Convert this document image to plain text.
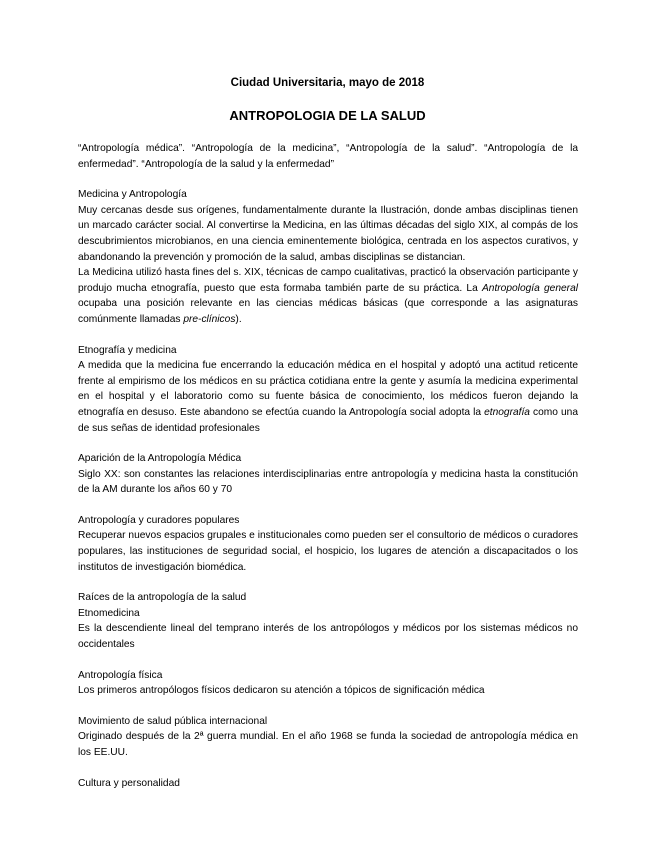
Ciudad Universitaria, mayo de 2018
ANTROPOLOGIA DE LA SALUD

“Antropología médica”. “Antropología de la medicina”, “Antropología de la salud”. “Antropología de la enfermedad”. “Antropología de la salud y la enfermedad”

Medicina y Antropología

Muy cercanas desde sus orígenes, fundamentalmente durante la Ilustración, donde ambas disciplinas tienen un marcado carácter social. Al convertirse la Medicina, en las últimas décadas del siglo XIX, al compás de los descubrimientos microbianos, en una ciencia eminentemente biológica, centrada en los aspectos curativos, y abandonando la prevención y promoción de la salud, ambas disciplinas se distancian.

La Medicina utilizó hasta fines del s. XIX, técnicas de campo cualitativas, practicó la observación participante y produjo mucha etnografía, puesto que esta formaba también parte de su práctica. La Antropología general ocupaba una posición relevante en las ciencias médicas básicas (que corresponde a las asignaturas comúnmente llamadas pre-clínicos).

Etnografía y medicina

A medida que la medicina fue encerrando la educación médica en el hospital y adoptó una actitud reticente frente al empirismo de los médicos en su práctica cotidiana entre la gente y asumía la medicina experimental en el hospital y el laboratorio como su fuente básica de conocimiento, los médicos fueron dejando la etnografía en desuso. Este abandono se efectúa cuando la Antropología social adopta la etnografía como una de sus señas de identidad profesionales

Aparición de la Antropología Médica

Siglo XX: son constantes las relaciones interdisciplinarias entre antropología y medicina hasta la constitución de la AM durante los años 60 y 70

Antropología y curadores populares

Recuperar nuevos espacios grupales e institucionales como pueden ser el consultorio de médicos o curadores populares, las instituciones de seguridad social, el hospicio, los lugares de atención a discapacitados o los institutos de investigación biomédica.

Raíces de la antropología de la salud

Etnomedicina

Es la descendiente lineal del temprano interés de los antropólogos y médicos por los sistemas médicos no occidentales

Antropología física

Los primeros antropólogos físicos dedicaron su atención a tópicos de significación médica

Movimiento de salud pública internacional

Originado después de la 2ª guerra mundial. En el año 1968 se funda la sociedad de antropología médica en los EE.UU.

Cultura y personalidad
